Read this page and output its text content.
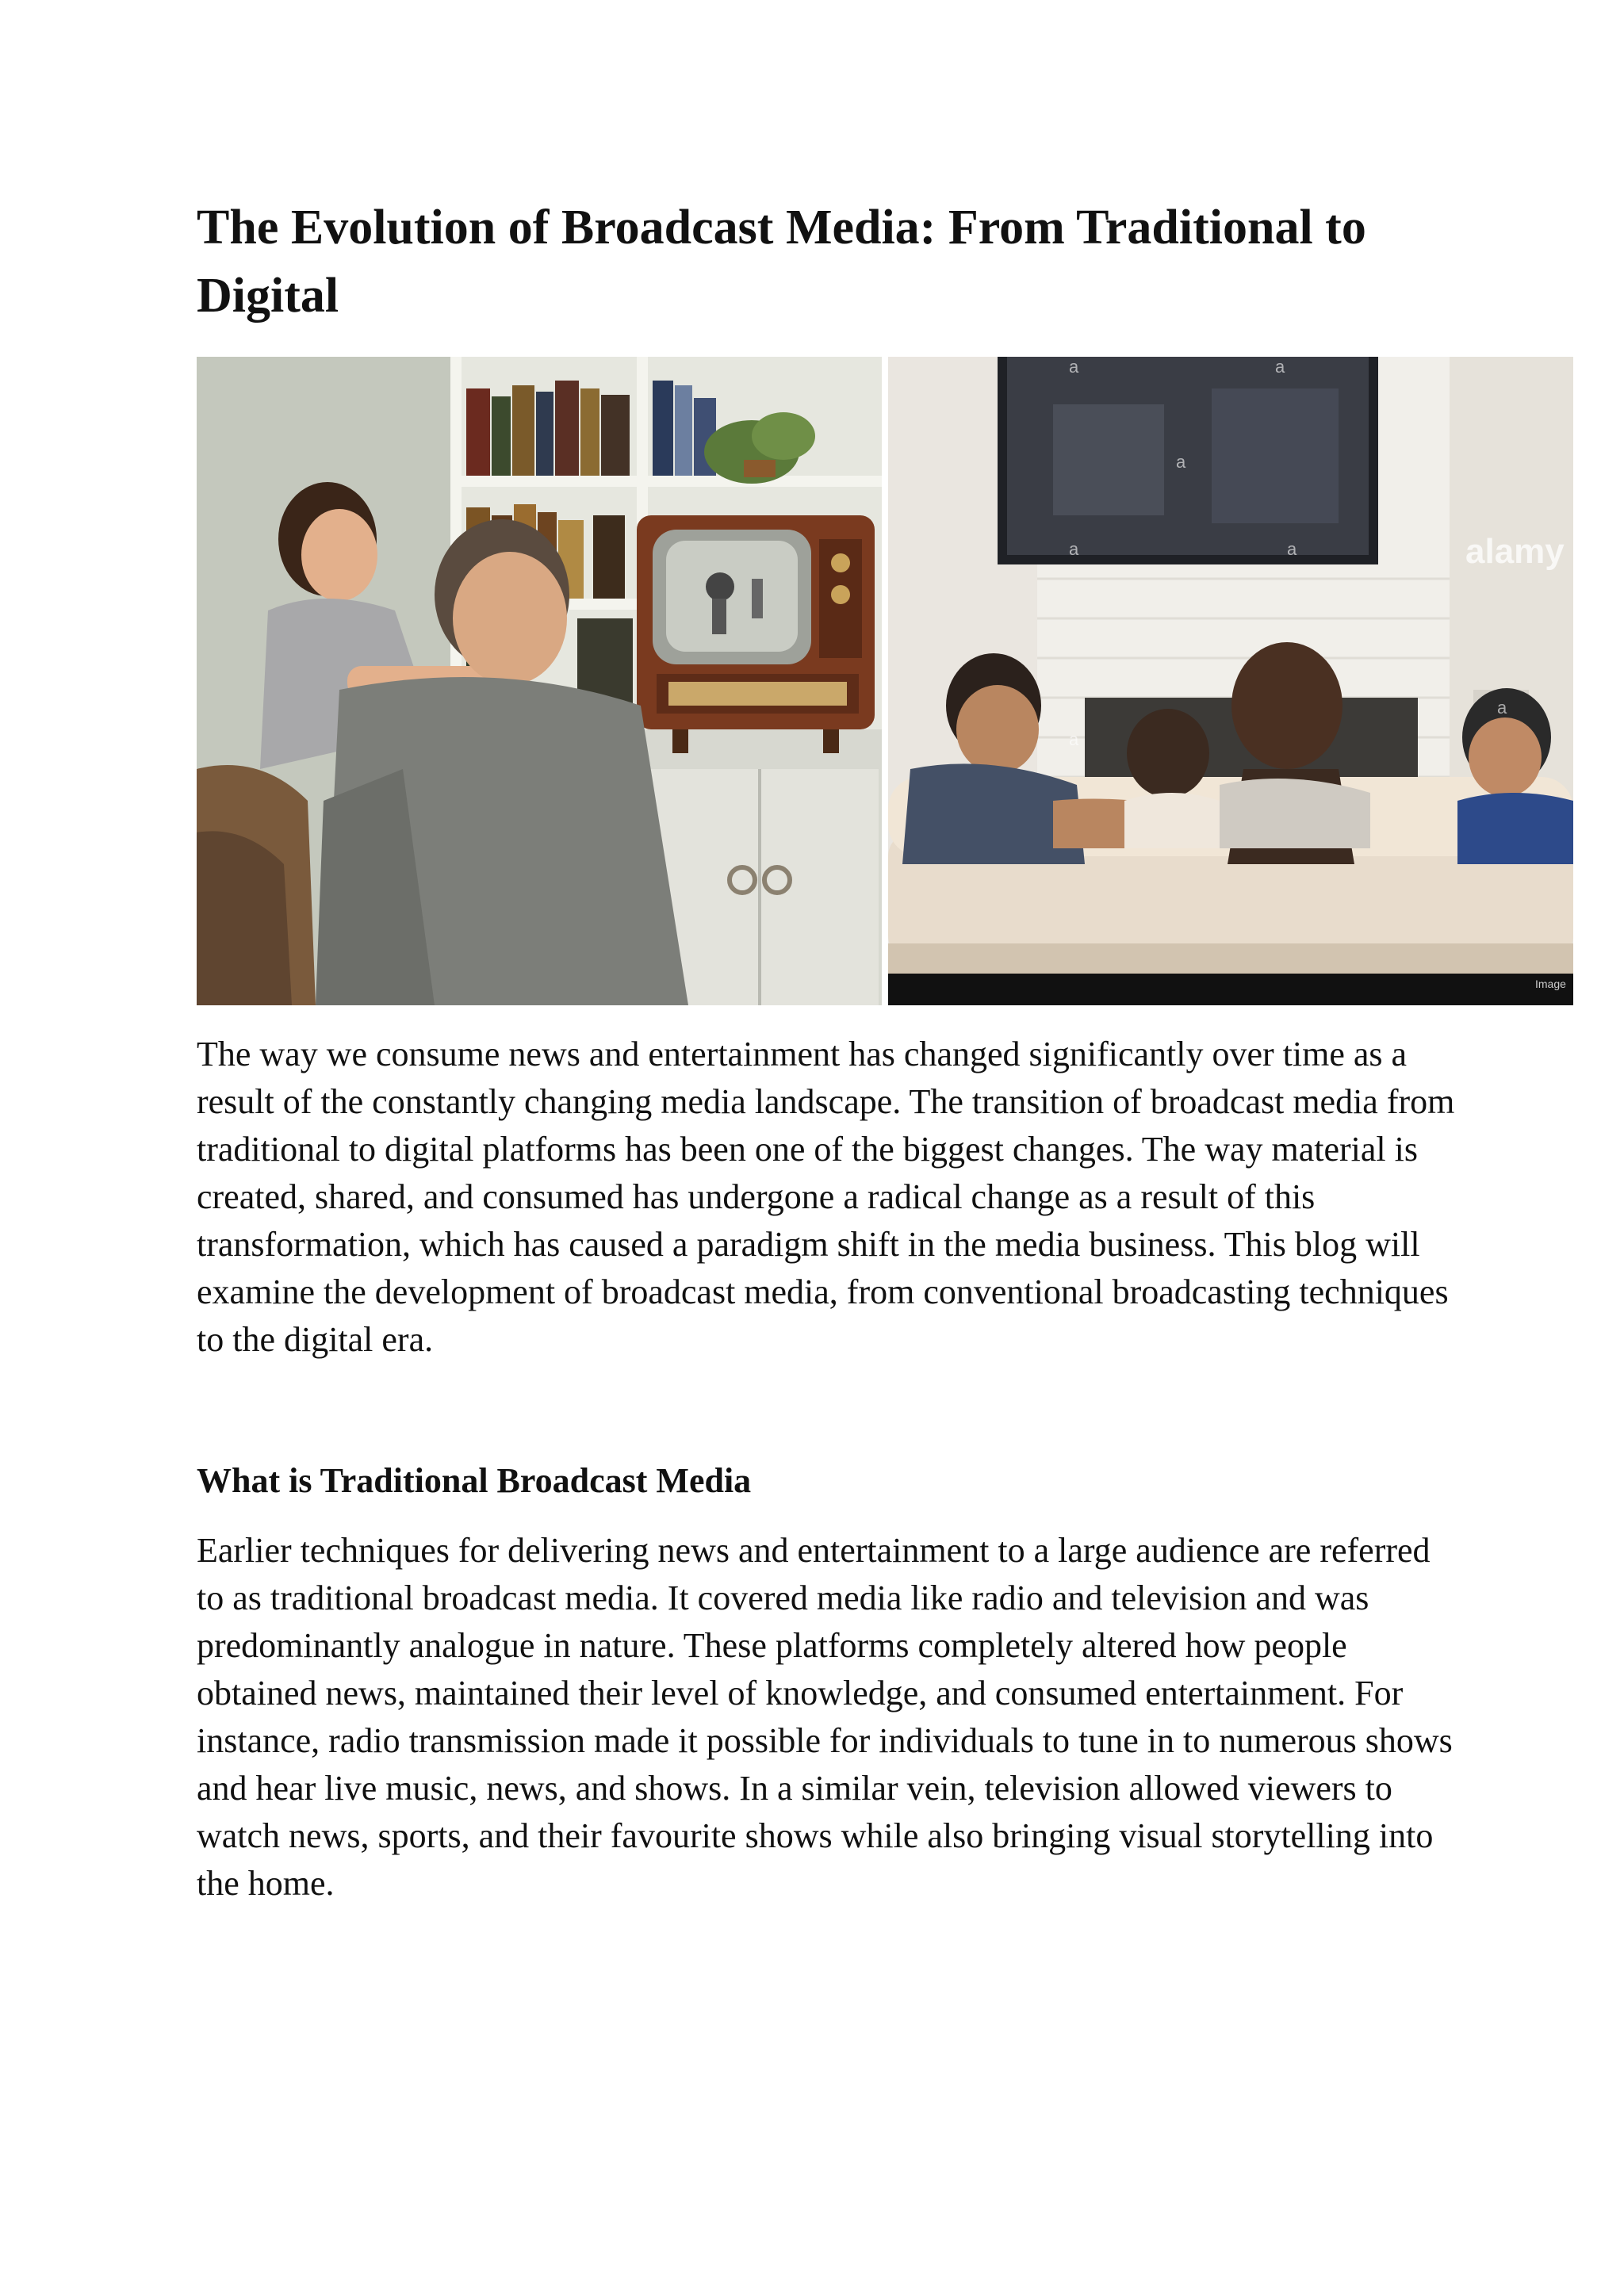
The Evolution of Broadcast Media: From Traditional to Digital
alamy
a	a
a
a	a
a
a
Image

The way we consume news and entertainment has changed significantly over time as a result of the constantly changing media landscape. The transition of broadcast media from traditional to digital platforms has been one of the biggest changes. The way material is created, shared, and consumed has undergone a radical change as a result of this transformation, which has caused a paradigm shift in the media business. This blog will examine the development of broadcast media, from conventional broadcasting techniques to the digital era.

What is Traditional Broadcast Media

Earlier techniques for delivering news and entertainment to a large audience are referred to as traditional broadcast media. It covered media like radio and television and was predominantly analogue in nature. These platforms completely altered how people obtained news, maintained their level of knowledge, and consumed entertainment. For instance, radio transmission made it possible for individuals to tune in to numerous shows and hear live music, news, and shows. In a similar vein, television allowed viewers to watch news, sports, and their favourite shows while also bringing visual storytelling into the home.
